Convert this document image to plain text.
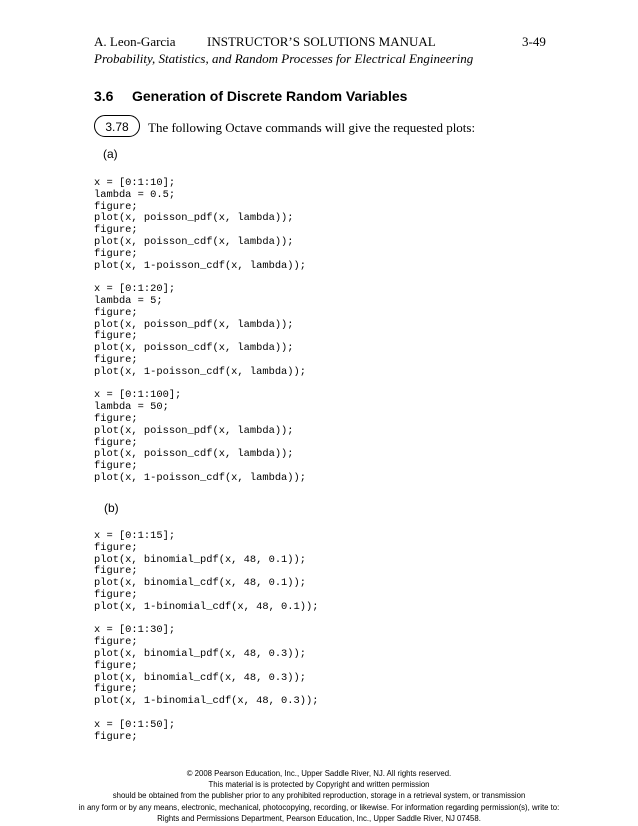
A. Leon-Garcia INSTRUCTOR’S SOLUTIONS MANUAL	3-49
Probability, Statistics, and Random Processes for Electrical Engineering
3.6 Generation of Discrete Random Variables
3.78	The following Octave commands will give the requested plots:
(a)
x = [0:1:10];
lambda = 0.5;
figure;
plot(x, poisson_pdf(x, lambda));
figure;
plot(x, poisson_cdf(x, lambda));
figure;
plot(x, 1-poisson_cdf(x, lambda));

x = [0:1:20];
lambda = 5;
figure;
plot(x, poisson_pdf(x, lambda));
figure;
plot(x, poisson_cdf(x, lambda));
figure;
plot(x, 1-poisson_cdf(x, lambda));

x = [0:1:100];
lambda = 50;
figure;
plot(x, poisson_pdf(x, lambda));
figure;
plot(x, poisson_cdf(x, lambda));
figure;
plot(x, 1-poisson_cdf(x, lambda));
(b)
x = [0:1:15];
figure;
plot(x, binomial_pdf(x, 48, 0.1));
figure;
plot(x, binomial_cdf(x, 48, 0.1));
figure;
plot(x, 1-binomial_cdf(x, 48, 0.1));

x = [0:1:30];
figure;
plot(x, binomial_pdf(x, 48, 0.3));
figure;
plot(x, binomial_cdf(x, 48, 0.3));
figure;
plot(x, 1-binomial_cdf(x, 48, 0.3));

x = [0:1:50];
figure;
© 2008 Pearson Education, Inc., Upper Saddle River, NJ. All rights reserved.
This material is is protected by Copyright and written permission
should be obtained from the publisher prior to any prohibited reproduction, storage in a retrieval system, or transmission
in any form or by any means, electronic, mechanical, photocopying, recording, or likewise. For information regarding permission(s), write to:
Rights and Permissions Department, Pearson Education, Inc., Upper Saddle River, NJ 07458.
